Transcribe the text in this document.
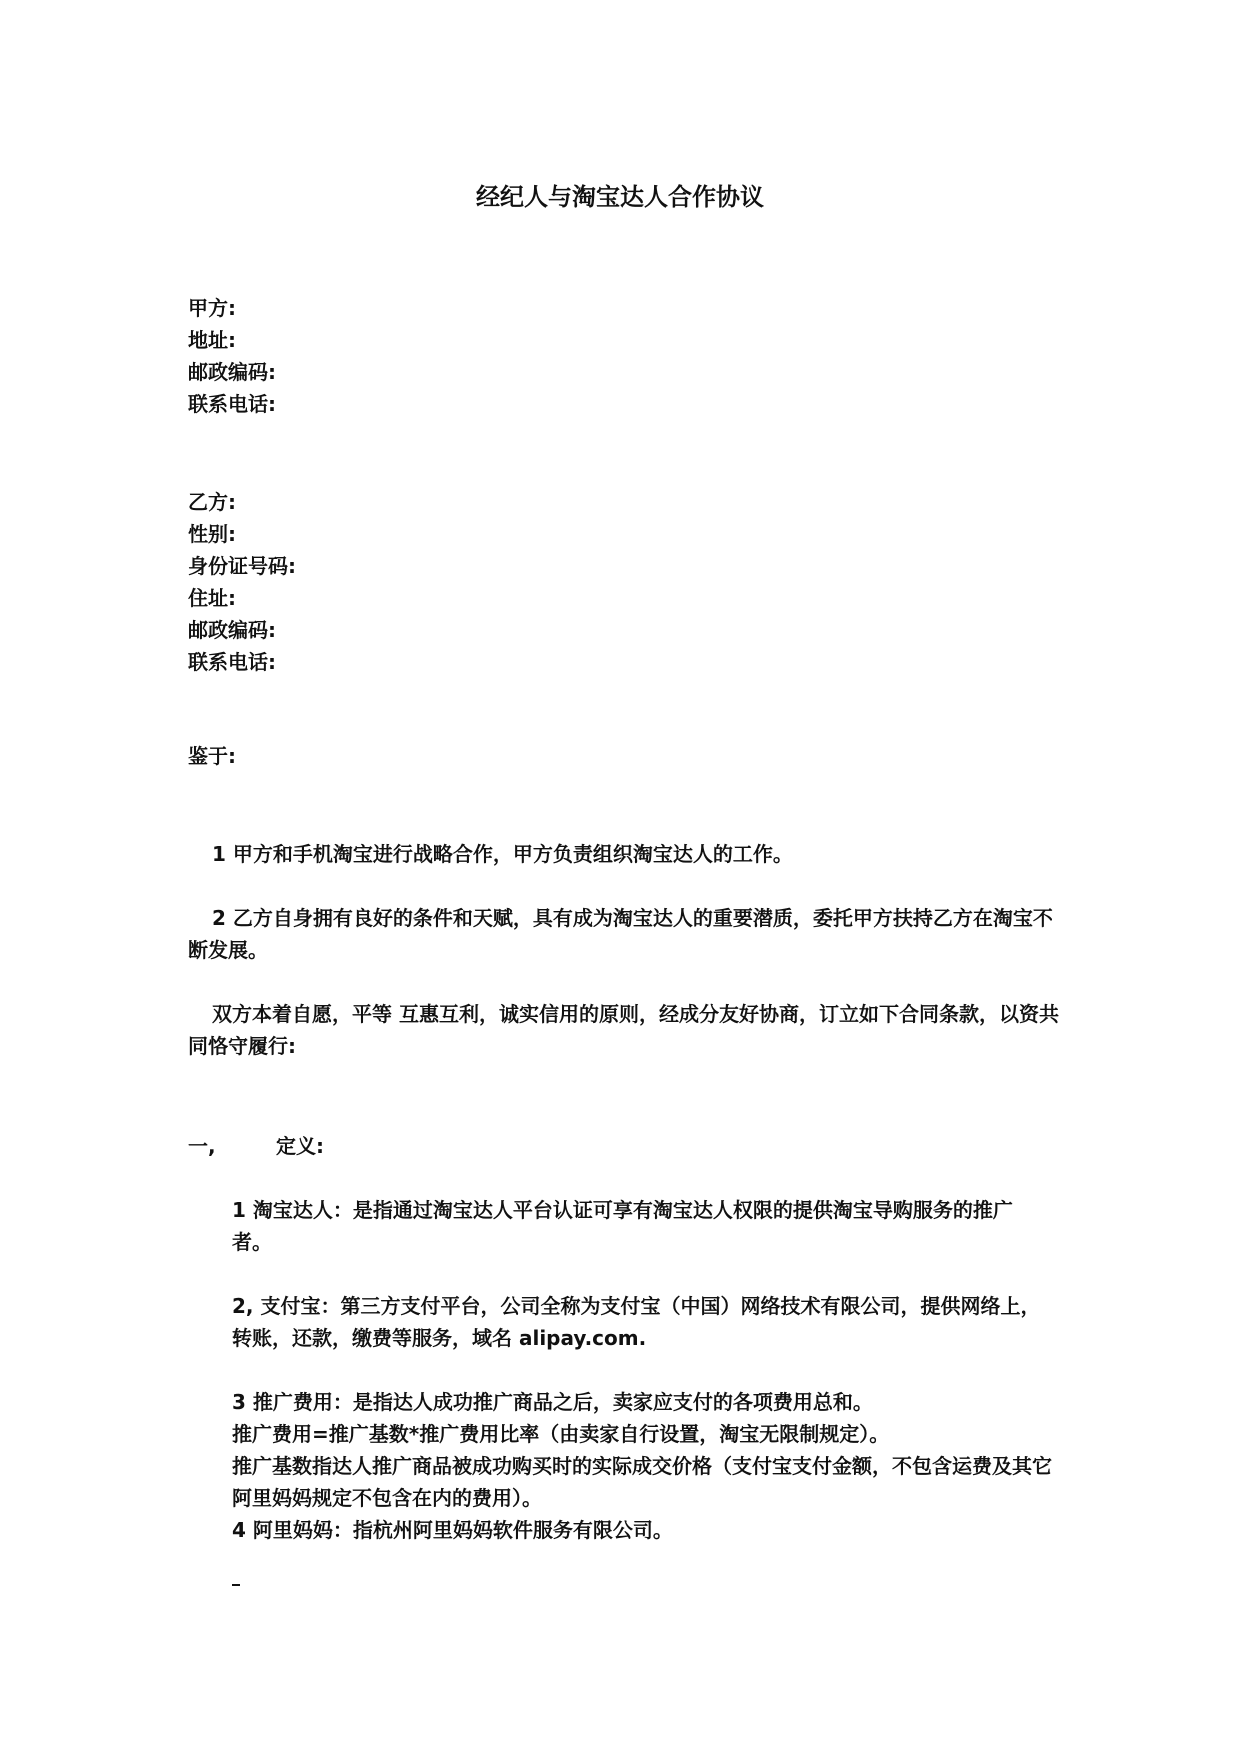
经纪人与淘宝达人合作协议
甲方:
地址:
邮政编码:
联系电话:
乙方:
性别:
身份证号码:
住址:
邮政编码:
联系电话:
鉴于:
1 甲方和手机淘宝进行战略合作，甲方负责组织淘宝达人的工作。
2 乙方自身拥有良好的条件和天赋，具有成为淘宝达人的重要潜质，委托甲方扶持乙方在淘宝不断发展。
双方本着自愿，平等 互惠互利，诚实信用的原则，经成分友好协商，订立如下合同条款，以资共同恪守履行:
一,	定义:
1 淘宝达人：是指通过淘宝达人平台认证可享有淘宝达人权限的提供淘宝导购服务的推广者。
2, 支付宝：第三方支付平台，公司全称为支付宝（中国）网络技术有限公司，提供网络上，转账，还款，缴费等服务，域名 alipay.com.
3 推广费用：是指达人成功推广商品之后，卖家应支付的各项费用总和。
推广费用=推广基数*推广费用比率（由卖家自行设置，淘宝无限制规定）。
推广基数指达人推广商品被成功购买时的实际成交价格（支付宝支付金额，不包含运费及其它阿里妈妈规定不包含在内的费用）。
4 阿里妈妈：指杭州阿里妈妈软件服务有限公司。
